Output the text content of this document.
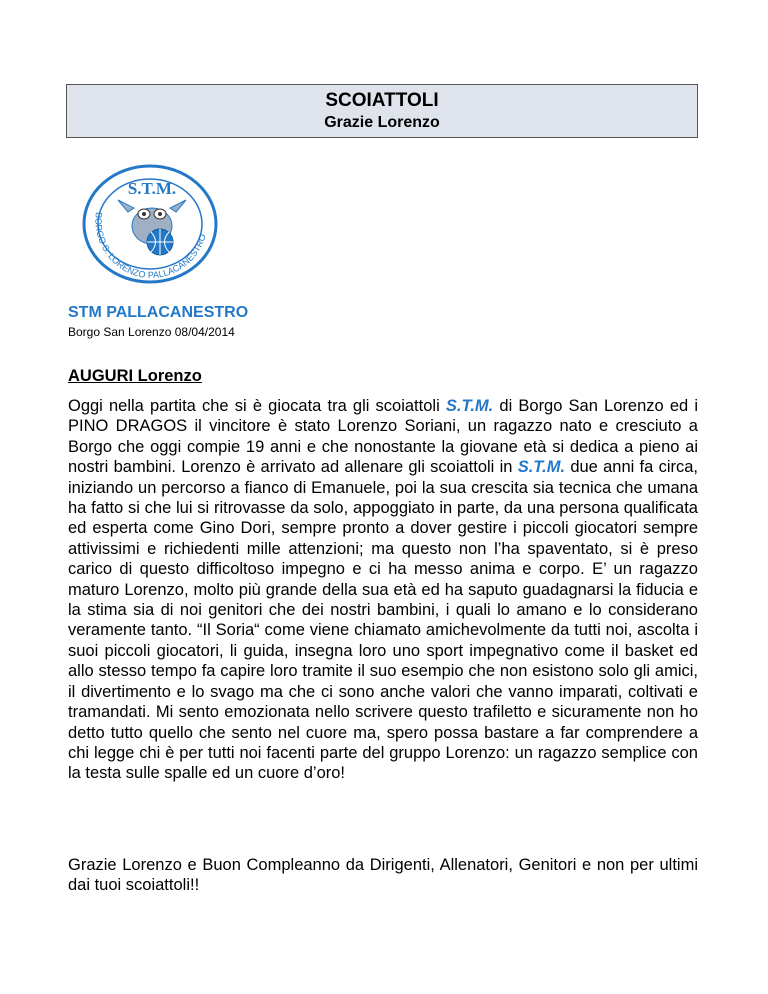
SCOIATTOLI
Grazie Lorenzo
S.T.M.
BORGO S. LORENZO PALLACANESTRO
STM PALLACANESTRO
Borgo San Lorenzo 08/04/2014
AUGURI Lorenzo

Oggi nella partita che si è giocata tra gli scoiattoli S.T.M. di Borgo San Lorenzo ed i PINO DRAGOS il vincitore è stato Lorenzo Soriani, un ragazzo nato e cresciuto a Borgo che oggi compie 19 anni e che nonostante la giovane età si dedica a pieno ai nostri bambini. Lorenzo è arrivato ad allenare gli scoiattoli in S.T.M. due anni fa circa, iniziando un percorso a fianco di Emanuele, poi la sua crescita sia tecnica che umana ha fatto si che lui si ritrovasse da solo, appoggiato in parte, da una persona qualificata ed esperta come Gino Dori, sempre pronto a dover gestire i piccoli giocatori sempre attivissimi e richiedenti mille attenzioni; ma questo non l’ha spaventato, si è preso carico di questo difficoltoso impegno e ci ha messo anima e corpo. E’ un ragazzo maturo Lorenzo, molto più grande della sua età ed ha saputo guadagnarsi la fiducia e la stima sia di noi genitori che dei nostri bambini, i quali lo amano e lo considerano veramente tanto. “Il Soria“ come viene chiamato amichevolmente da tutti noi, ascolta i suoi piccoli giocatori, li guida, insegna loro uno sport impegnativo come il basket ed allo stesso tempo fa capire loro tramite il suo esempio che non esistono solo gli amici, il divertimento e lo svago ma che ci sono anche valori che vanno imparati, coltivati e tramandati. Mi sento emozionata nello scrivere questo trafiletto e sicuramente non ho detto tutto quello che sento nel cuore ma, spero possa bastare a far comprendere a chi legge chi è per tutti noi facenti parte del gruppo Lorenzo: un ragazzo semplice con la testa sulle spalle ed un cuore d’oro!

Grazie Lorenzo e Buon Compleanno da Dirigenti, Allenatori, Genitori e non per ultimi dai tuoi scoiattoli!!
